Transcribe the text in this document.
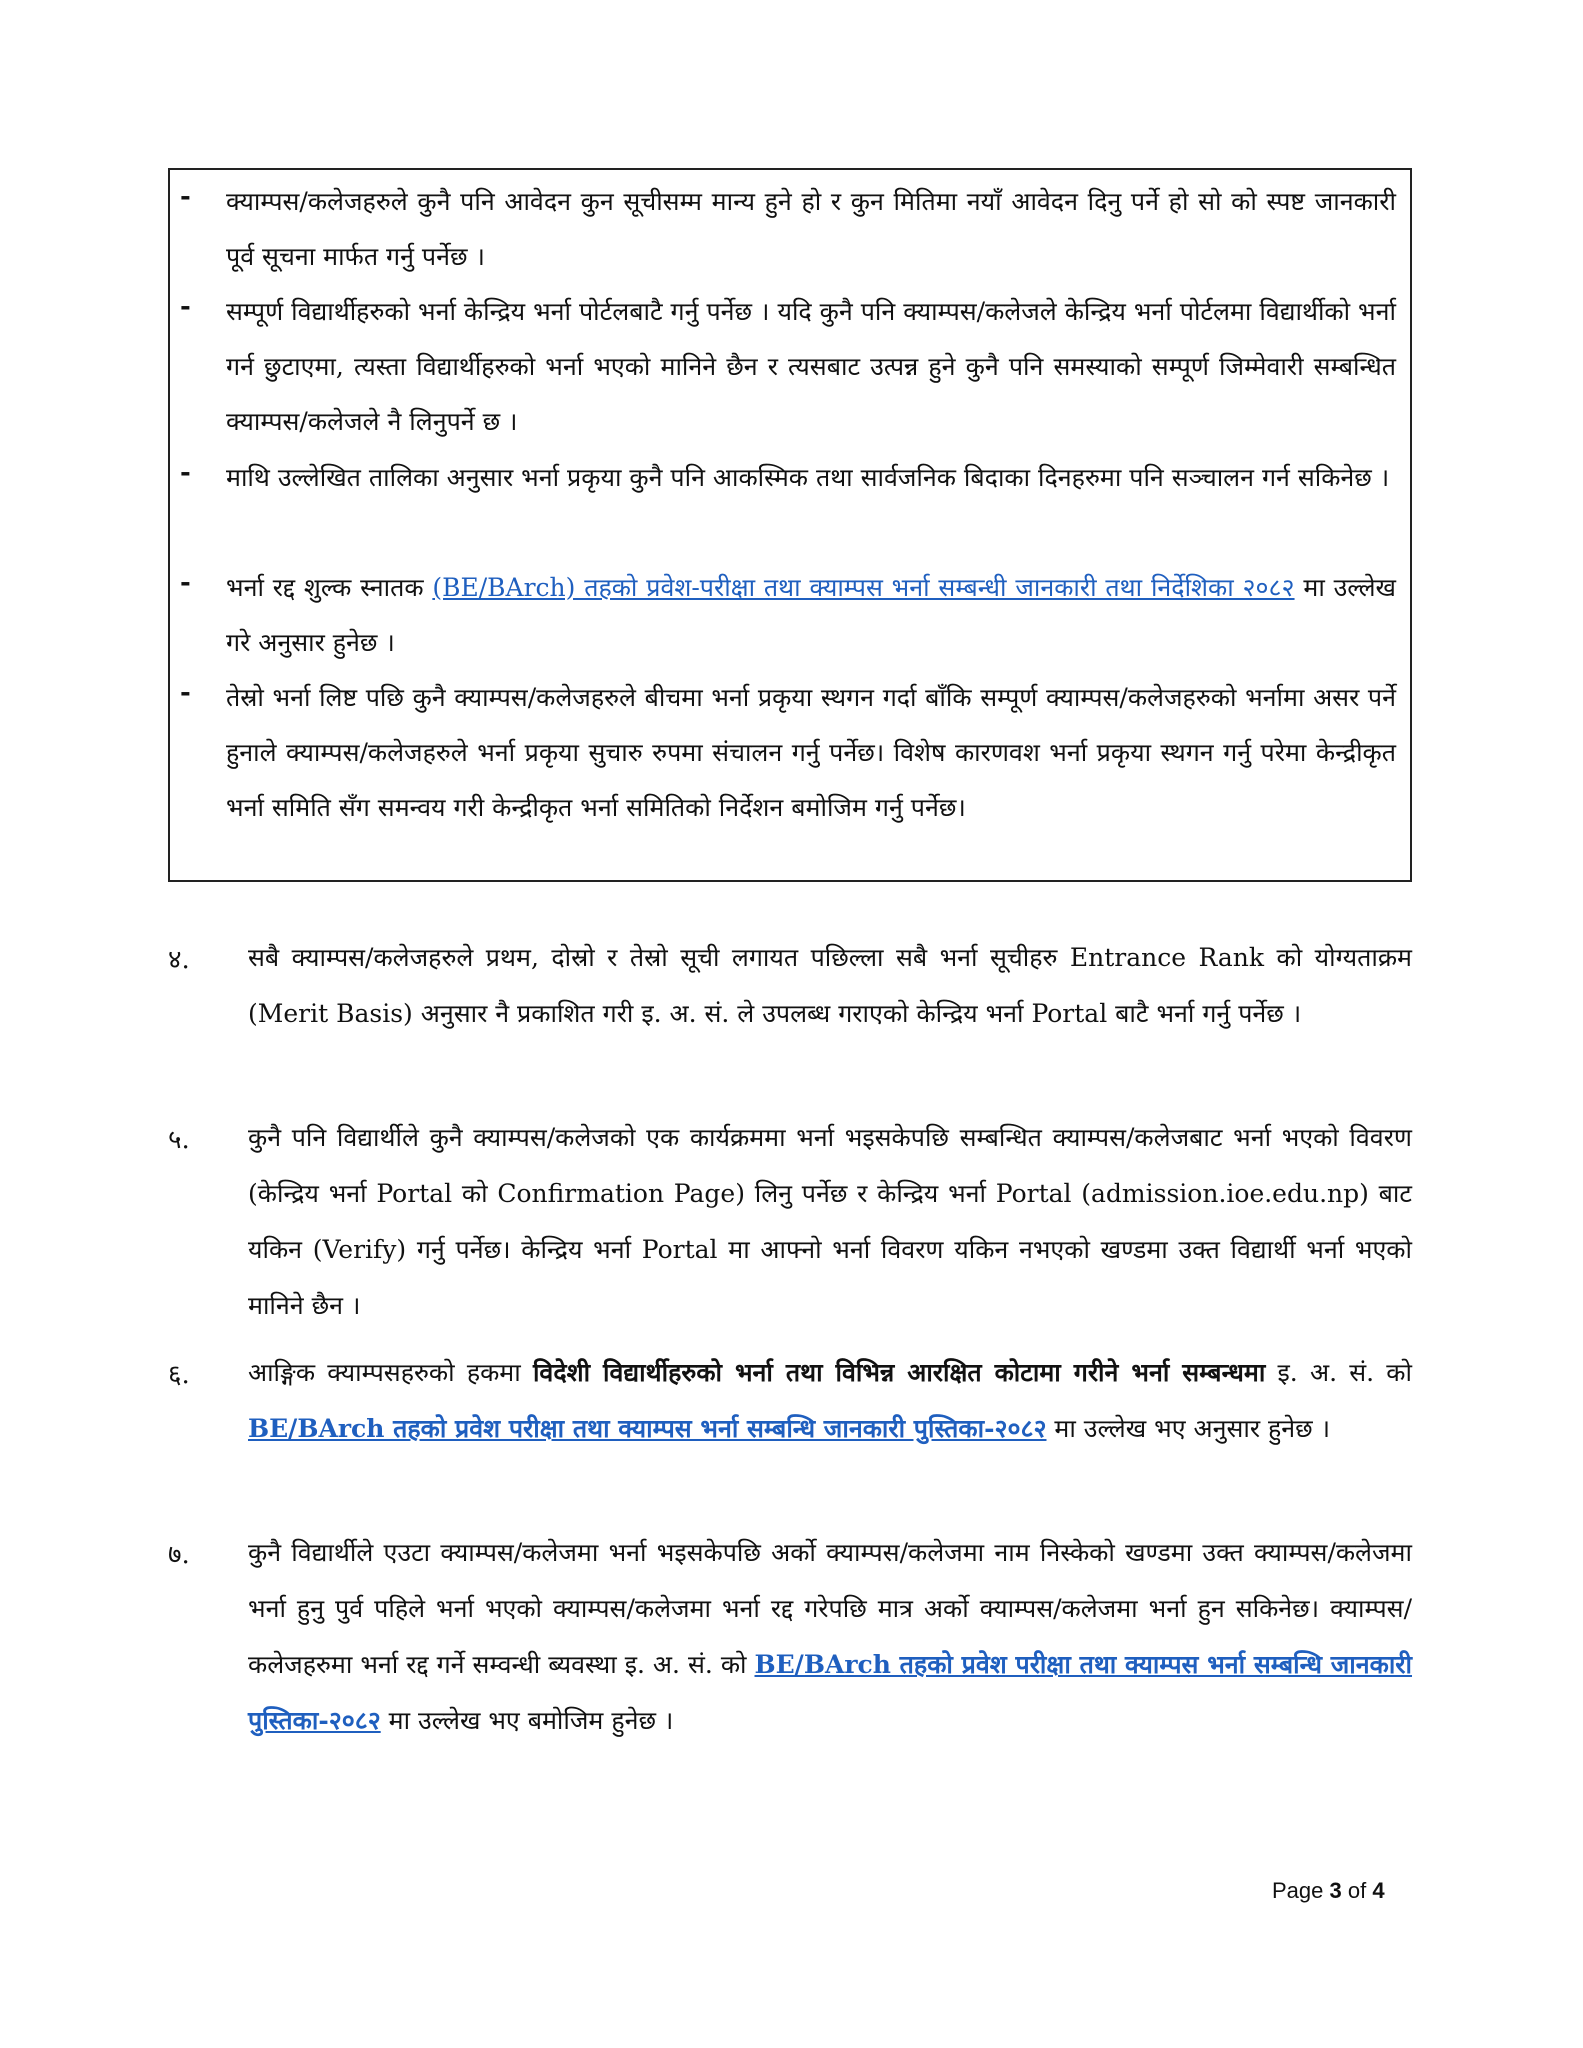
- क्याम्पस/कलेजहरुले कुनै पनि आवेदन कुन सूचीसम्म मान्य हुने हो र कुन मितिमा नयाँ आवेदन दिनु पर्ने हो सो को स्पष्ट जानकारी पूर्व सूचना मार्फत गर्नु पर्नेछ ।
- सम्पूर्ण विद्यार्थीहरुको भर्ना केन्द्रिय भर्ना पोर्टलबाटै गर्नु पर्नेछ । यदि कुनै पनि क्याम्पस/कलेजले केन्द्रिय भर्ना पोर्टलमा विद्यार्थीको भर्ना गर्न छुटाएमा, त्यस्ता विद्यार्थीहरुको भर्ना भएको मानिने छैन र त्यसबाट उत्पन्न हुने कुनै पनि समस्याको सम्पूर्ण जिम्मेवारी सम्बन्धित क्याम्पस/कलेजले नै लिनुपर्ने छ ।
- माथि उल्लेखित तालिका अनुसार भर्ना प्रकृया कुनै पनि आकस्मिक तथा सार्वजनिक बिदाका दिनहरुमा पनि सञ्चालन गर्न सकिनेछ ।
- भर्ना रद्द शुल्क स्नातक (BE/BArch) तहको प्रवेश-परीक्षा तथा क्याम्पस भर्ना सम्बन्धी जानकारी तथा निर्देशिका २०८२ मा उल्लेख गरे अनुसार हुनेछ ।
- तेस्रो भर्ना लिष्ट पछि कुनै क्याम्पस/कलेजहरुले बीचमा भर्ना प्रकृया स्थगन गर्दा बाँकि सम्पूर्ण क्याम्पस/कलेजहरुको भर्नामा असर पर्ने हुनाले क्याम्पस/कलेजहरुले भर्ना प्रकृया सुचारु रुपमा संचालन गर्नु पर्नेछ। विशेष कारणवश भर्ना प्रकृया स्थगन गर्नु परेमा केन्द्रीकृत भर्ना समिति सँग समन्वय गरी केन्द्रीकृत भर्ना समितिको निर्देशन बमोजिम गर्नु पर्नेछ।
४. सबै क्याम्पस/कलेजहरुले प्रथम, दोस्रो र तेस्रो सूची लगायत पछिल्ला सबै भर्ना सूचीहरु Entrance Rank को योग्यताक्रम (Merit Basis) अनुसार नै प्रकाशित गरी इ. अ. सं. ले उपलब्ध गराएको केन्द्रिय भर्ना Portal बाटै भर्ना गर्नु पर्नेछ ।
५. कुनै पनि विद्यार्थीले कुनै क्याम्पस/कलेजको एक कार्यक्रममा भर्ना भइसकेपछि सम्बन्धित क्याम्पस/कलेजबाट भर्ना भएको विवरण (केन्द्रिय भर्ना Portal को Confirmation Page) लिनु पर्नेछ र केन्द्रिय भर्ना Portal (admission.ioe.edu.np) बाट यकिन (Verify) गर्नु पर्नेछ। केन्द्रिय भर्ना Portal मा आफ्नो भर्ना विवरण यकिन नभएको खण्डमा उक्त विद्यार्थी भर्ना भएको मानिने छैन ।
६. आङ्गिक क्याम्पसहरुको हकमा विदेशी विद्यार्थीहरुको भर्ना तथा विभिन्न आरक्षित कोटामा गरीने भर्ना सम्बन्धमा इ. अ. सं. को BE/BArch तहको प्रवेश परीक्षा तथा क्याम्पस भर्ना सम्बन्धि जानकारी पुस्तिका-२०८२ मा उल्लेख भए अनुसार हुनेछ ।
७. कुनै विद्यार्थीले एउटा क्याम्पस/कलेजमा भर्ना भइसकेपछि अर्को क्याम्पस/कलेजमा नाम निस्केको खण्डमा उक्त क्याम्पस/कलेजमा भर्ना हुनु पुर्व पहिले भर्ना भएको क्याम्पस/कलेजमा भर्ना रद्द गरेपछि मात्र अर्को क्याम्पस/कलेजमा भर्ना हुन सकिनेछ। क्याम्पस/कलेजहरुमा भर्ना रद्द गर्ने सम्वन्धी ब्यवस्था इ. अ. सं. को BE/BArch तहको प्रवेश परीक्षा तथा क्याम्पस भर्ना सम्बन्धि जानकारी पुस्तिका-२०८२ मा उल्लेख भए बमोजिम हुनेछ ।
Page 3 of 4
